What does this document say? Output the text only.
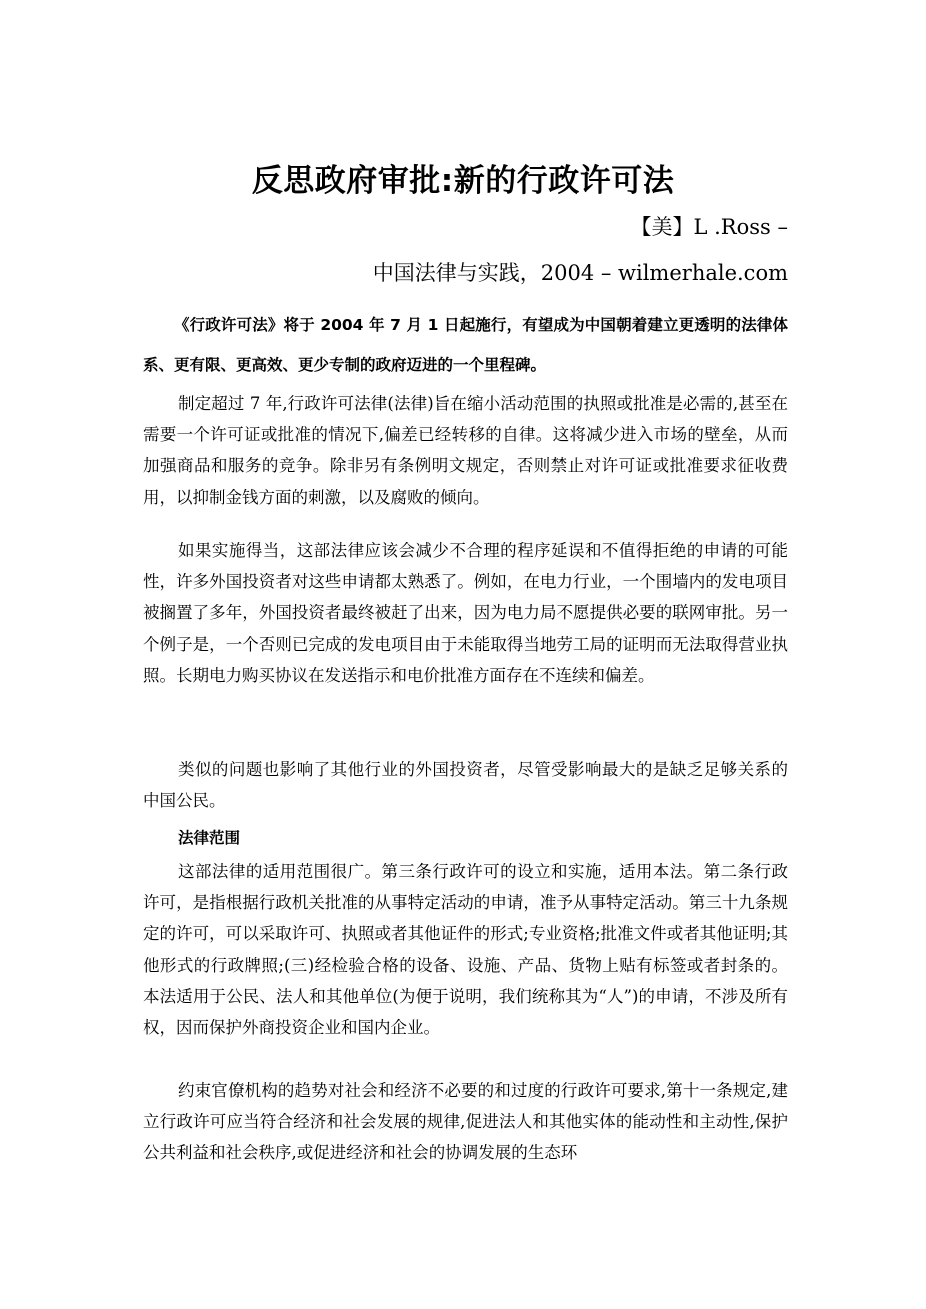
反思政府审批:新的行政许可法
【美】L .Ross –
中国法律与实践，2004 – wilmerhale.com

《行政许可法》将于 2004 年 7 月 1 日起施行，有望成为中国朝着建立更透明的法律体系、更有限、更高效、更少专制的政府迈进的一个里程碑。

制定超过 7 年,行政许可法律(法律)旨在缩小活动范围的执照或批准是必需的,甚至在需要一个许可证或批准的情况下,偏差已经转移的自律。这将减少进入市场的壁垒，从而加强商品和服务的竞争。除非另有条例明文规定，否则禁止对许可证或批准要求征收费用，以抑制金钱方面的刺激，以及腐败的倾向。

如果实施得当，这部法律应该会减少不合理的程序延误和不值得拒绝的申请的可能性，许多外国投资者对这些申请都太熟悉了。例如，在电力行业，一个围墙内的发电项目被搁置了多年，外国投资者最终被赶了出来，因为电力局不愿提供必要的联网审批。另一个例子是，一个否则已完成的发电项目由于未能取得当地劳工局的证明而无法取得营业执照。长期电力购买协议在发送指示和电价批准方面存在不连续和偏差。

类似的问题也影响了其他行业的外国投资者，尽管受影响最大的是缺乏足够关系的中国公民。

法律范围

这部法律的适用范围很广。第三条行政许可的设立和实施，适用本法。第二条行政许可，是指根据行政机关批准的从事特定活动的申请，准予从事特定活动。第三十九条规定的许可，可以采取许可、执照或者其他证件的形式;专业资格;批准文件或者其他证明;其他形式的行政牌照;(三)经检验合格的设备、设施、产品、货物上贴有标签或者封条的。本法适用于公民、法人和其他单位(为便于说明，我们统称其为“人”)的申请，不涉及所有权，因而保护外商投资企业和国内企业。

约束官僚机构的趋势对社会和经济不必要的和过度的行政许可要求,第十一条规定,建立行政许可应当符合经济和社会发展的规律,促进法人和其他实体的能动性和主动性,保护公共利益和社会秩序,或促进经济和社会的协调发展的生态环
